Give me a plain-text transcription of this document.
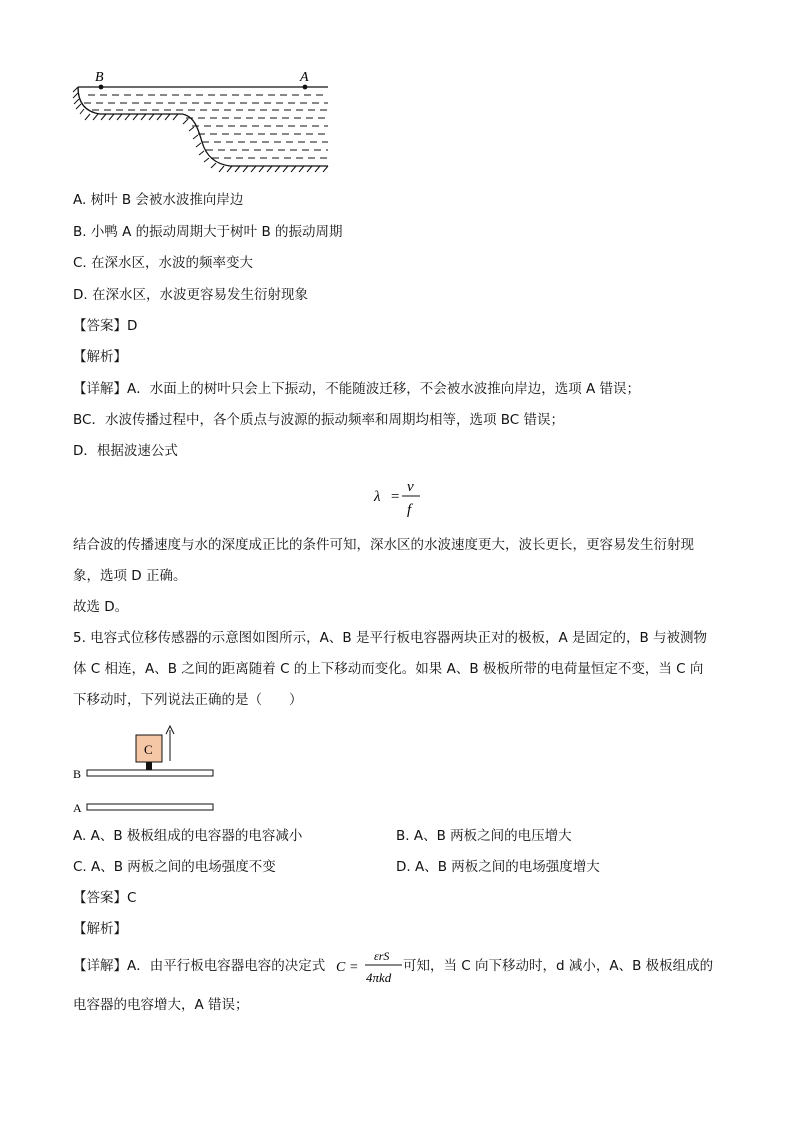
B	A
A. 树叶 B 会被水波推向岸边
B. 小鸭 A 的振动周期大于树叶 B 的振动周期
C. 在深水区，水波的频率变大
D. 在深水区，水波更容易发生衍射现象
【答案】D
【解析】
【详解】A．水面上的树叶只会上下振动，不能随波迁移，不会被水波推向岸边，选项 A 错误；
BC．水波传播过程中，各个质点与波源的振动频率和周期均相等，选项 BC 错误；
D．根据波速公式
λ =
v
f
结合波的传播速度与水的深度成正比的条件可知，深水区的水波速度更大，波长更长，更容易发生衍射现
象，选项 D 正确。
故选 D。
5. 电容式位移传感器的示意图如图所示，A、B 是平行板电容器两块正对的极板，A 是固定的，B 与被测物
体 C 相连，A、B 之间的距离随着 C 的上下移动而变化。如果 A、B 极板所带的电荷量恒定不变，当 C 向
下移动时，下列说法正确的是（　　）
C
B
A
A. A、B 极板组成的电容器的电容减小	B. A、B 两板之间的电压增大
C. A、B 两板之间的电场强度不变	D. A、B 两板之间的电场强度增大
【答案】C
【解析】
【详解】A．由平行板电容器电容的决定式 C =
εrS
4πkd
可知，当 C 向下移动时，d 减小，A、B 极板组成的
电容器的电容增大，A 错误；
